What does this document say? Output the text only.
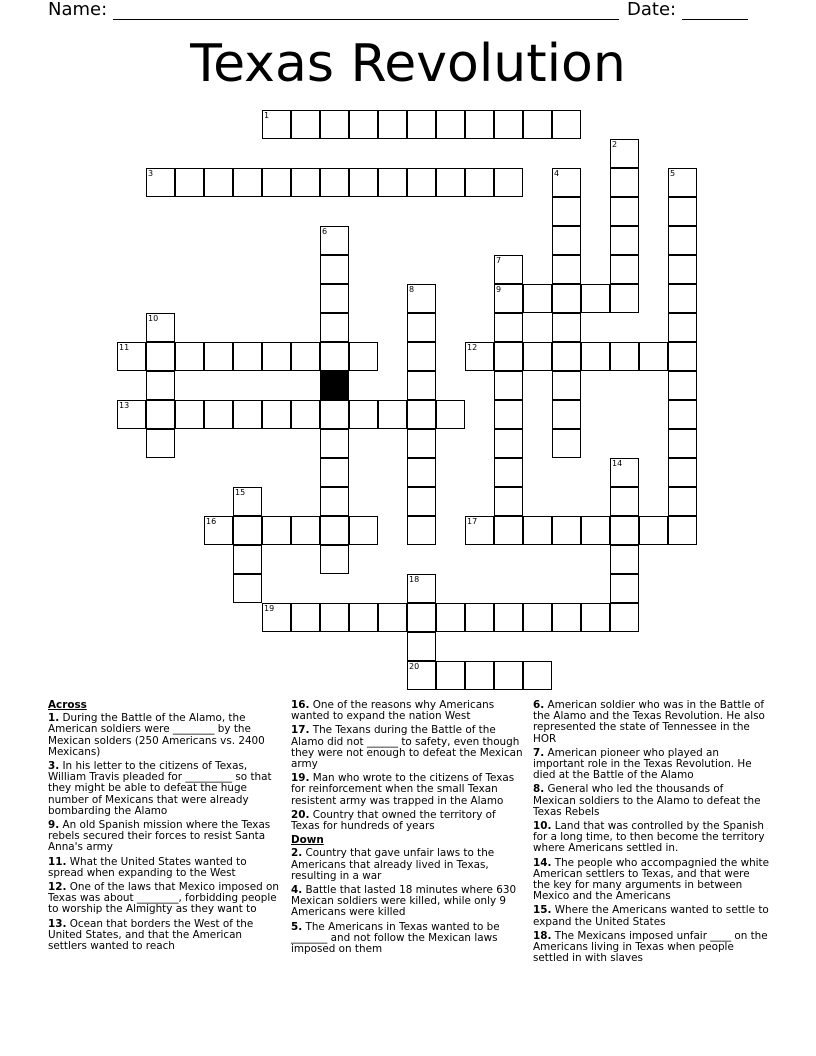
Name:	Date:
Texas Revolution
1
2
3	4	5
6
7
9
8
10
11	12
13
14
15
16	17
18
20
19

Across

1. During the Battle of the Alamo, the American soldiers were ________ by the Mexican solders (250 Americans vs. 2400 Mexicans)

3. In his letter to the citizens of Texas, William Travis pleaded for _________ so that they might be able to defeat the huge number of Mexicans that were already bombarding the Alamo

9. An old Spanish mission where the Texas rebels secured their forces to resist Santa Anna's army

11. What the United States wanted to spread when expanding to the West

12. One of the laws that Mexico imposed on Texas was about ________, forbidding people to worship the Almighty as they want to

13. Ocean that borders the West of the United States, and that the American settlers wanted to reach

16. One of the reasons why Americans wanted to expand the nation West

17. The Texans during the Battle of the Alamo did not ______ to safety, even though they were not enough to defeat the Mexican army

19. Man who wrote to the citizens of Texas for reinforcement when the small Texan resistent army was trapped in the Alamo

20. Country that owned the territory of Texas for hundreds of years

Down

2. Country that gave unfair laws to the Americans that already lived in Texas, resulting in a war

4. Battle that lasted 18 minutes where 630 Mexican soldiers were killed, while only 9 Americans were killed

5. The Americans in Texas wanted to be _______ and not follow the Mexican laws imposed on them

6. American soldier who was in the Battle of the Alamo and the Texas Revolution. He also represented the state of Tennessee in the HOR

7. American pioneer who played an important role in the Texas Revolution. He died at the Battle of the Alamo

8. General who led the thousands of Mexican soldiers to the Alamo to defeat the Texas Rebels

10. Land that was controlled by the Spanish for a long time, to then become the territory where Americans settled in.

14. The people who accompagnied the white American settlers to Texas, and that were the key for many arguments in between Mexico and the Americans

15. Where the Americans wanted to settle to expand the United States

18. The Mexicans imposed unfair ____ on the Americans living in Texas when people settled in with slaves
